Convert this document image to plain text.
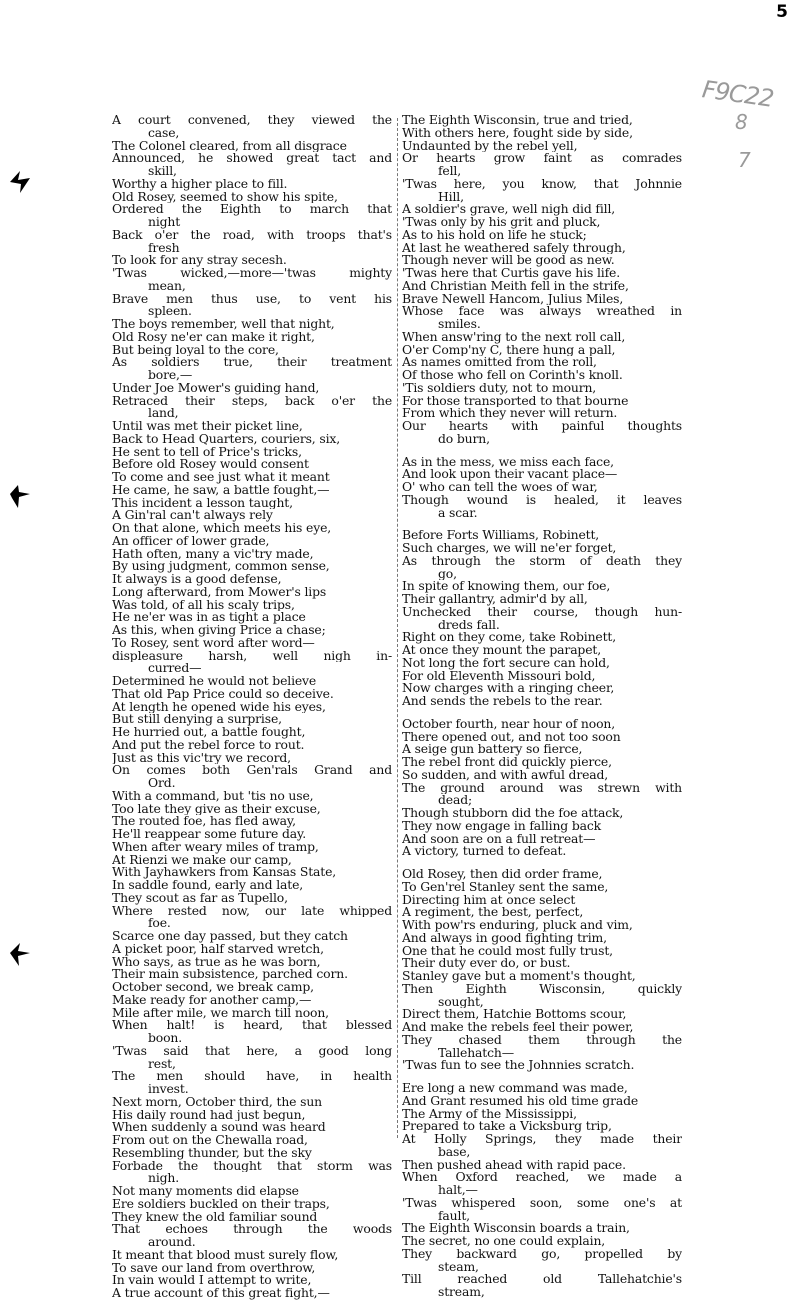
5
F9C22
8
7
A court convened, they viewed the
case,
The Colonel cleared, from all disgrace
Announced, he showed great tact and
skill,
Worthy a higher place to fill.
Old Rosey, seemed to show his spite,
Ordered the Eighth to march that
night
Back o'er the road, with troops that's
fresh
To look for any stray secesh.
'Twas wicked,—more—'twas mighty
mean,
Brave men thus use, to vent his
spleen.
The boys remember, well that night,
Old Rosy ne'er can make it right,
But being loyal to the core,
As soldiers true, their treatment
bore,—
Under Joe Mower's guiding hand,
Retraced their steps, back o'er the
land,
Until was met their picket line,
Back to Head Quarters, couriers, six,
He sent to tell of Price's tricks,
Before old Rosey would consent
To come and see just what it meant
He came, he saw, a battle fought,—
This incident a lesson taught,
A Gin'ral can't always rely
On that alone, which meets his eye,
An officer of lower grade,
Hath often, many a vic'try made,
By using judgment, common sense,
It always is a good defense,
Long afterward, from Mower's lips
Was told, of all his scaly trips,
He ne'er was in as tight a place
As this, when giving Price a chase;
To Rosey, sent word after word—
displeasure harsh, well nigh in-
curred—
Determined he would not believe
That old Pap Price could so deceive.
At length he opened wide his eyes,
But still denying a surprise,
He hurried out, a battle fought,
And put the rebel force to rout.
Just as this vic'try we record,
On comes both Gen'rals Grand and
Ord.
With a command, but 'tis no use,
Too late they give as their excuse,
The routed foe, has fled away,
He'll reappear some future day.
When after weary miles of tramp,
At Rienzi we make our camp,
With Jayhawkers from Kansas State,
In saddle found, early and late,
They scout as far as Tupello,
Where rested now, our late whipped
foe.
Scarce one day passed, but they catch
A picket poor, half starved wretch,
Who says, as true as he was born,
Their main subsistence, parched corn.
October second, we break camp,
Make ready for another camp,—
Mile after mile, we march till noon,
When halt! is heard, that blessed
boon.
'Twas said that here, a good long
rest,
The men should have, in health
invest.
Next morn, October third, the sun
His daily round had just begun,
When suddenly a sound was heard
From out on the Chewalla road,
Resembling thunder, but the sky
Forbade the thought that storm was
nigh.
Not many moments did elapse
Ere soldiers buckled on their traps,
They knew the old familiar sound
That echoes through the woods
around.
It meant that blood must surely flow,
To save our land from overthrow,
In vain would I attempt to write,
A true account of this great fight,—
The Eighth Wisconsin, true and tried,
With others here, fought side by side,
Undaunted by the rebel yell,
Or hearts grow faint as comrades
fell,
'Twas here, you know, that Johnnie
Hill,
A soldier's grave, well nigh did fill,
'Twas only by his grit and pluck,
As to his hold on life he stuck;
At last he weathered safely through,
Though never will be good as new.
'Twas here that Curtis gave his life.
And Christian Meith fell in the strife,
Brave Newell Hancom, Julius Miles,
Whose face was always wreathed in
smiles.
When answ'ring to the next roll call,
O'er Comp'ny C, there hung a pall,
As names omitted from the roll,
Of those who fell on Corinth's knoll.
'Tis soldiers duty, not to mourn,
For those transported to that bourne
From which they never will return.
Our hearts with painful thoughts
do burn,
As in the mess, we miss each face,
And look upon their vacant place—
O' who can tell the woes of war,
Though wound is healed, it leaves
a scar.
Before Forts Williams, Robinett,
Such charges, we will ne'er forget,
As through the storm of death they
go,
In spite of knowing them, our foe,
Their gallantry, admir'd by all,
Unchecked their course, though hun-
dreds fall.
Right on they come, take Robinett,
At once they mount the parapet,
Not long the fort secure can hold,
For old Eleventh Missouri bold,
Now charges with a ringing cheer,
And sends the rebels to the rear.
October fourth, near hour of noon,
There opened out, and not too soon
A seige gun battery so fierce,
The rebel front did quickly pierce,
So sudden, and with awful dread,
The ground around was strewn with
dead;
Though stubborn did the foe attack,
They now engage in falling back
And soon are on a full retreat—
A victory, turned to defeat.
Old Rosey, then did order frame,
To Gen'rel Stanley sent the same,
Directing him at once select
A regiment, the best, perfect,
With pow'rs enduring, pluck and vim,
And always in good fighting trim,
One that he could most fully trust,
Their duty ever do, or bust.
Stanley gave but a moment's thought,
Then Eighth Wisconsin, quickly
sought,
Direct them, Hatchie Bottoms scour,
And make the rebels feel their power,
They chased them through the
Tallehatch—
'Twas fun to see the Johnnies scratch.
Ere long a new command was made,
And Grant resumed his old time grade
The Army of the Mississippi,
Prepared to take a Vicksburg trip,
At Holly Springs, they made their
base,
Then pushed ahead with rapid pace.
When Oxford reached, we made a
halt,—
'Twas whispered soon, some one's at
fault,
The Eighth Wisconsin boards a train,
The secret, no one could explain,
They backward go, propelled by
steam,
Till reached old Tallehatchie's
stream,
